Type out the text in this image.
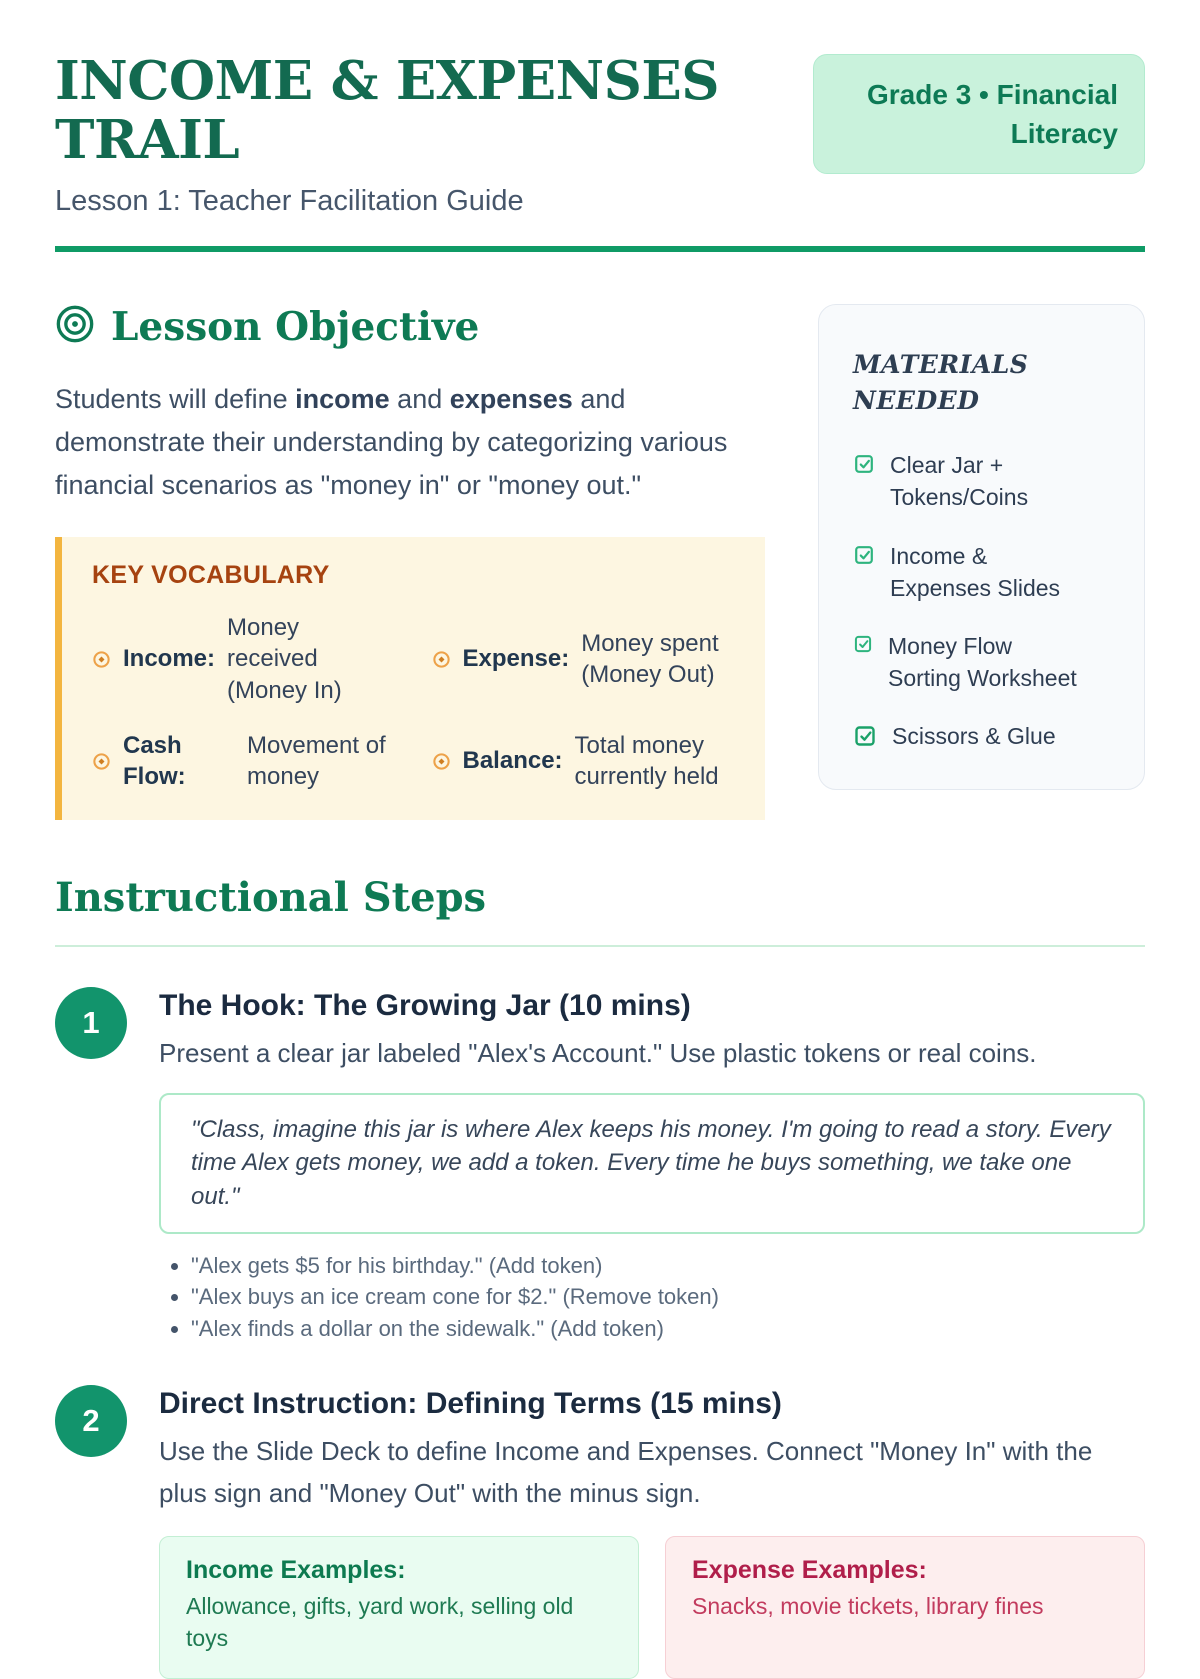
INCOME & EXPENSES TRAIL

Lesson 1: Teacher Facilitation Guide

Grade 3 • Financial Literacy
Lesson Objective

Students will define income and expenses and demonstrate their understanding by categorizing various financial scenarios as "money in" or "money out."

KEY VOCABULARY
Income:
Money received (Money In)
Expense:
Money spent (Money Out)
Cash Flow:
Movement of money
Balance:
Total money currently held
MATERIALS NEEDED
Clear Jar + Tokens/Coins
Income & Expenses Slides
Money Flow Sorting Worksheet
Scissors & Glue
Instructional Steps
1	The Hook: The Growing Jar (10 mins)

Present a clear jar labeled "Alex's Account." Use plastic tokens or real coins.

"Class, imagine this jar is where Alex keeps his money. I'm going to read a story. Every time Alex gets money, we add a token. Every time he buys something, we take one out."
• "Alex gets $5 for his birthday." (Add token)
• "Alex buys an ice cream cone for $2." (Remove token)
• "Alex finds a dollar on the sidewalk." (Add token)
2	Direct Instruction: Defining Terms (15 mins)

Use the Slide Deck to define Income and Expenses. Connect "Money In" with the plus sign and "Money Out" with the minus sign.

Income Examples:
Allowance, gifts, yard work, selling old toys
Expense Examples:
Snacks, movie tickets, library fines
